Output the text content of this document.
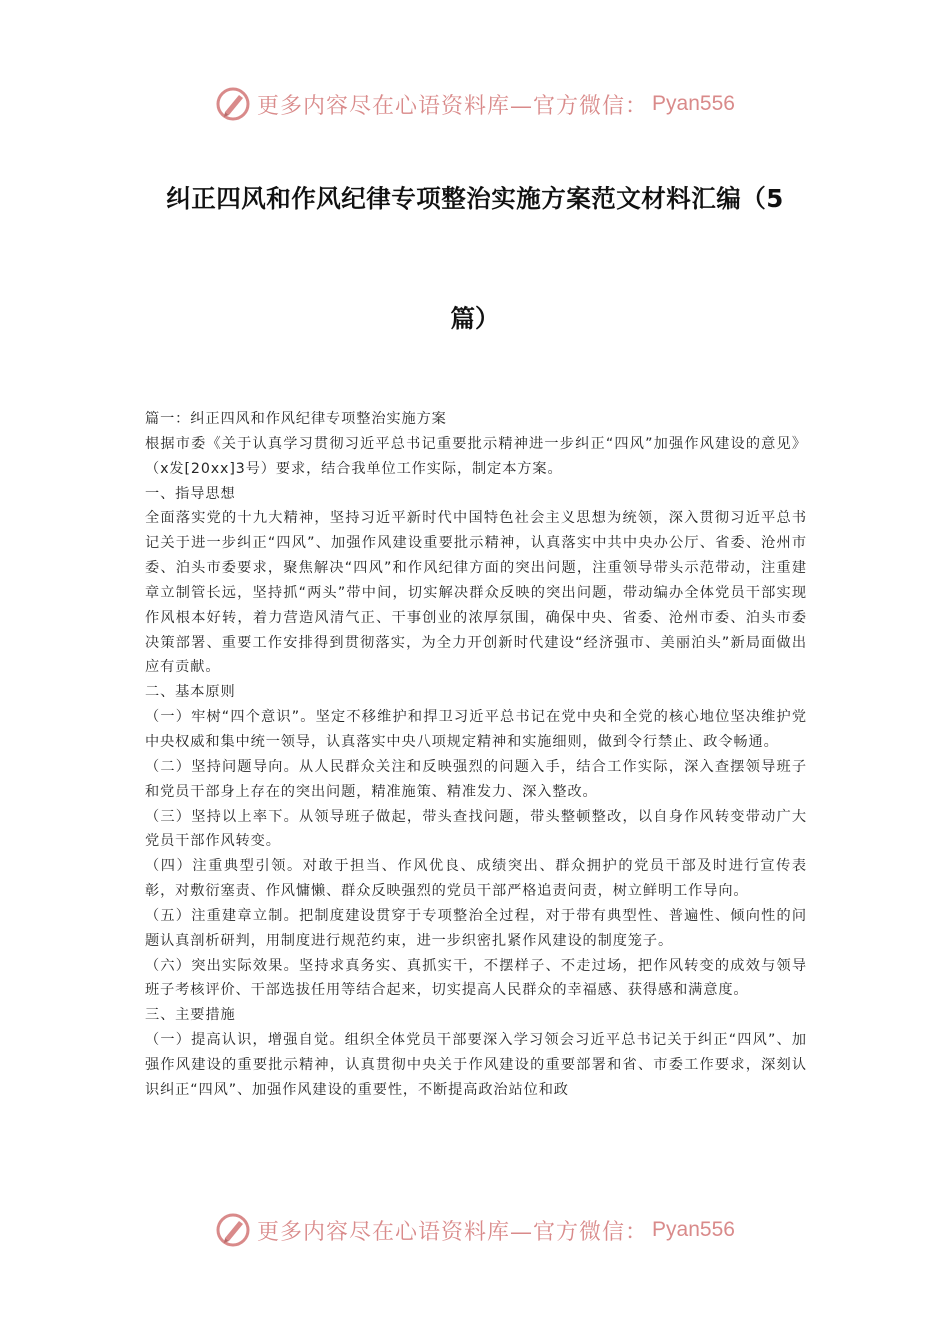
更多内容尽在心语资料库—官方微信： Pyan556
纠正四风和作风纪律专项整治实施方案范文材料汇编（5
篇）

篇一：纠正四风和作风纪律专项整治实施方案

根据市委《关于认真学习贯彻习近平总书记重要批示精神进一步纠正“四风”加强作风建设的意见》（x发[20xx]3号）要求，结合我单位工作实际，制定本方案。

一、指导思想

全面落实党的十九大精神，坚持习近平新时代中国特色社会主义思想为统领，深入贯彻习近平总书记关于进一步纠正“四风”、加强作风建设重要批示精神，认真落实中共中央办公厅、省委、沧州市委、泊头市委要求，聚焦解决“四风”和作风纪律方面的突出问题，注重领导带头示范带动，注重建章立制管长远，坚持抓“两头”带中间，切实解决群众反映的突出问题，带动编办全体党员干部实现作风根本好转，着力营造风清气正、干事创业的浓厚氛围，确保中央、省委、沧州市委、泊头市委决策部署、重要工作安排得到贯彻落实，为全力开创新时代建设“经济强市、美丽泊头”新局面做出应有贡献。

二、基本原则

（一）牢树“四个意识”。坚定不移维护和捍卫习近平总书记在党中央和全党的核心地位坚决维护党中央权威和集中统一领导，认真落实中央八项规定精神和实施细则，做到令行禁止、政令畅通。

（二）坚持问题导向。从人民群众关注和反映强烈的问题入手，结合工作实际，深入查摆领导班子和党员干部身上存在的突出问题，精准施策、精准发力、深入整改。

（三）坚持以上率下。从领导班子做起，带头查找问题，带头整顿整改，以自身作风转变带动广大党员干部作风转变。

（四）注重典型引领。对敢于担当、作风优良、成绩突出、群众拥护的党员干部及时进行宣传表彰，对敷衍塞责、作风慵懒、群众反映强烈的党员干部严格追责问责，树立鲜明工作导向。

（五）注重建章立制。把制度建设贯穿于专项整治全过程，对于带有典型性、普遍性、倾向性的问题认真剖析研判，用制度进行规范约束，进一步织密扎紧作风建设的制度笼子。

（六）突出实际效果。坚持求真务实、真抓实干，不摆样子、不走过场，把作风转变的成效与领导班子考核评价、干部选拔任用等结合起来，切实提高人民群众的幸福感、获得感和满意度。

三、主要措施

（一）提高认识，增强自觉。组织全体党员干部要深入学习领会习近平总书记关于纠正“四风”、加强作风建设的重要批示精神，认真贯彻中央关于作风建设的重要部署和省、市委工作要求，深刻认识纠正“四风”、加强作风建设的重要性，不断提高政治站位和政

更多内容尽在心语资料库—官方微信： Pyan556
